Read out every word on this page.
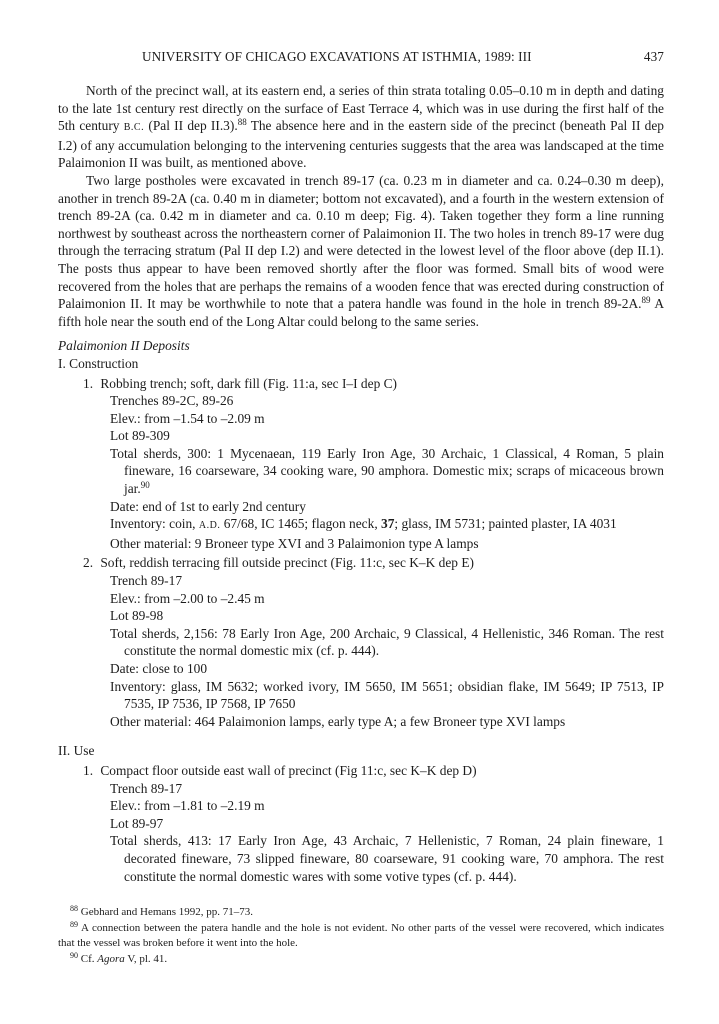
UNIVERSITY OF CHICAGO EXCAVATIONS AT ISTHMIA, 1989: III	437

North of the precinct wall, at its eastern end, a series of thin strata totaling 0.05–0.10 m in depth and dating to the late 1st century rest directly on the surface of East Terrace 4, which was in use during the first half of the 5th century B.C. (Pal II dep II.3).$^{88}$ The absence here and in the eastern side of the precinct (beneath Pal II dep I.2) of any accumulation belonging to the intervening centuries suggests that the area was landscaped at the time Palaimonion II was built, as mentioned above.

Two large postholes were excavated in trench 89-17 (ca. 0.23 m in diameter and ca. 0.24–0.30 m deep), another in trench 89-2A (ca. 0.40 m in diameter; bottom not excavated), and a fourth in the western extension of trench 89-2A (ca. 0.42 m in diameter and ca. 0.10 m deep; Fig. 4). Taken together they form a line running northwest by southeast across the northeastern corner of Palaimonion II. The two holes in trench 89-17 were dug through the terracing stratum (Pal II dep I.2) and were detected in the lowest level of the floor above (dep II.1). The posts thus appear to have been removed shortly after the floor was formed. Small bits of wood were recovered from the holes that are perhaps the remains of a wooden fence that was erected during construction of Palaimonion II. It may be worthwhile to note that a patera handle was found in the hole in trench 89-2A.$^{89}$ A fifth hole near the south end of the Long Altar could belong to the same series.

Palaimonion II Deposits
I. Construction
1. Robbing trench; soft, dark fill (Fig. 11:a, sec I–I dep C)
Trenches 89-2C, 89-26
Elev.: from –1.54 to –2.09 m
Lot 89-309
Total sherds, 300: 1 Mycenaean, 119 Early Iron Age, 30 Archaic, 1 Classical, 4 Roman, 5 plain fineware, 16 coarseware, 34 cooking ware, 90 amphora. Domestic mix; scraps of micaceous brown jar.$^{90}$
Date: end of 1st to early 2nd century
Inventory: coin, A.D. 67/68, IC 1465; flagon neck, 37; glass, IM 5731; painted plaster, IA 4031
Other material: 9 Broneer type XVI and 3 Palaimonion type A lamps
2. Soft, reddish terracing fill outside precinct (Fig. 11:c, sec K–K dep E)
Trench 89-17
Elev.: from –2.00 to –2.45 m
Lot 89-98
Total sherds, 2,156: 78 Early Iron Age, 200 Archaic, 9 Classical, 4 Hellenistic, 346 Roman. The rest constitute the normal domestic mix (cf. p. 444).
Date: close to 100
Inventory: glass, IM 5632; worked ivory, IM 5650, IM 5651; obsidian flake, IM 5649; IP 7513, IP 7535, IP 7536, IP 7568, IP 7650
Other material: 464 Palaimonion lamps, early type A; a few Broneer type XVI lamps
II. Use
1. Compact floor outside east wall of precinct (Fig 11:c, sec K–K dep D)
Trench 89-17
Elev.: from –1.81 to –2.19 m
Lot 89-97
Total sherds, 413: 17 Early Iron Age, 43 Archaic, 7 Hellenistic, 7 Roman, 24 plain fineware, 1 decorated fineware, 73 slipped fineware, 80 coarseware, 91 cooking ware, 70 amphora. The rest constitute the normal domestic wares with some votive types (cf. p. 444).

$^{88}$ Gebhard and Hemans 1992, pp. 71–73.

$^{89}$ A connection between the patera handle and the hole is not evident. No other parts of the vessel were recovered, which indicates that the vessel was broken before it went into the hole.

$^{90}$ Cf. Agora V, pl. 41.
